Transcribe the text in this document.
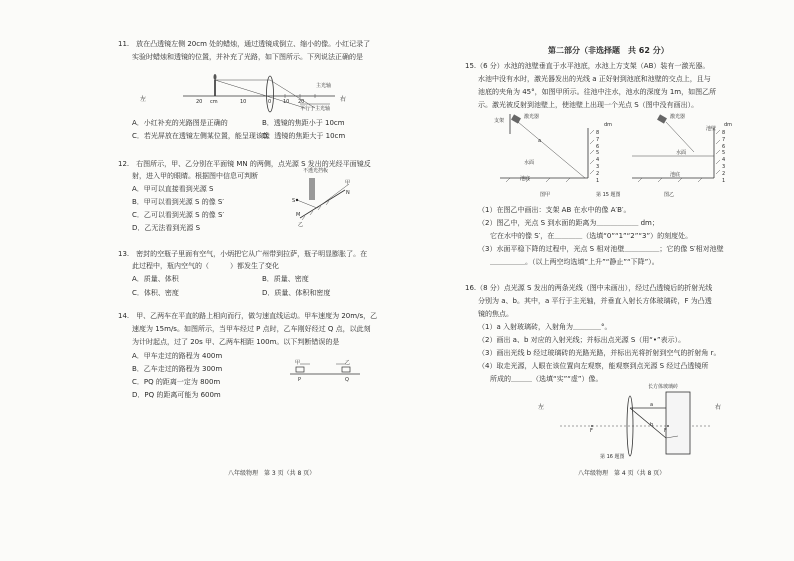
11.　放在凸透镜左侧 20cm 处的蜡烛，通过透镜成倒立、缩小的像。小红记录了
实验时蜡烛和透镜的位置，并补充了光路，如下图所示。下列说法正确的是
左	右
主光轴
平行于主光轴
20	10	0 10 20
cm
A．小红补充的光路图是正确的	B．透镜的焦距小于 10cm
C．若光屏放在透镜左侧某位置，能呈现该像
D．透镜的焦距大于 10cm
12.　右图所示，甲、乙分别在平面镜 MN 的两侧，点光源 S 发出的光经平面镜反
射，进入甲的眼睛。根据图中信息可判断
A．甲可以直接看到光源 S
B．甲可以看到光源 S 的像 S′
C．乙可以看到光源 S 的像 S′
D．乙无法看到光源 S
不透光挡板
S
甲
乙
M
N
13.　密封的空瓶子里面有空气，小炳把它从广州带到拉萨，瓶子明显膨胀了。在
此过程中，瓶内空气的（　　　）都发生了变化
A．质量、体积	B．质量、密度
C．体积、密度	D．质量、体积和密度
14.　甲、乙两车在平直的路上相向而行，做匀速直线运动。甲车速度为 20m/s，乙
速度为 15m/s。如图所示，当甲车经过 P 点时，乙车刚好经过 Q 点，以此刻
为计时起点，过了 20s 甲、乙两车相距 100m。以下判断错误的是
A．甲车走过的路程为 400m
B．乙车走过的路程为 300m
C．PQ 的距离一定为 800m
D．PQ 的距离可能为 600m
甲	乙
P	Q
八年级物理　第 3 页（共 8 页）
第二部分（非选择题　共 62 分）
15.（6 分）水池的池壁垂直于水平池底，水池上方支架（AB）装有一激光器。
水池中没有水时，激光器发出的光线 a 正好射到池底和池壁的交点上，且与
池底的夹角为 45°，如图甲所示。往池中注水，池水的深度为 1m，如图乙所
示。激光被反射到池壁上，使池壁上出现一个光点 S（图中没有画出）。
支架
激光器
a
dm
水面
池底
图甲
激光器
池壁
dm
水面
池底
图乙
第 15 题图
8
7
6
5
4
3
2
1
8
7
6
5
4
3
2
1
（1）在图乙中画出：支架 AB 在水中的像 A′B′。
（2）图乙中，光点 S 到水面的距离为＿＿＿＿＿＿ dm；
它在水中的像 S′，在＿＿＿＿（选填“0”“1”“2”“3”）的刻度处。
（3）水面平稳下降的过程中，光点 S 相对池壁＿＿＿＿＿；它的像 S′相对池壁
＿＿＿＿＿。（以上两空均选填“上升”“静止”“下降”）。
16.（8 分）点光源 S 发出的两条光线（图中未画出），经过凸透镜后的折射光线
分别为 a、b。其中，a 平行于主光轴，并垂直入射长方体玻璃砖，F 为凸透
镜的焦点。
（1）a 入射玻璃砖，入射角为＿＿＿＿°。
（2）画出 a、b 对应的入射光线；并标出点光源 S（用“•”表示）。
（3）画出光线 b 经过玻璃砖的光路光路，并标出光将折射到空气的折射角 r。
（4）取走光源，人眼在该位置向左观察，能观察到点光源 S 经过凸透镜所
所成的＿＿＿（选填“实”“虚”）像。
长方体玻璃砖
左	右
a
b
F	F
第 16 题图
八年级物理　第 4 页（共 8 页）
